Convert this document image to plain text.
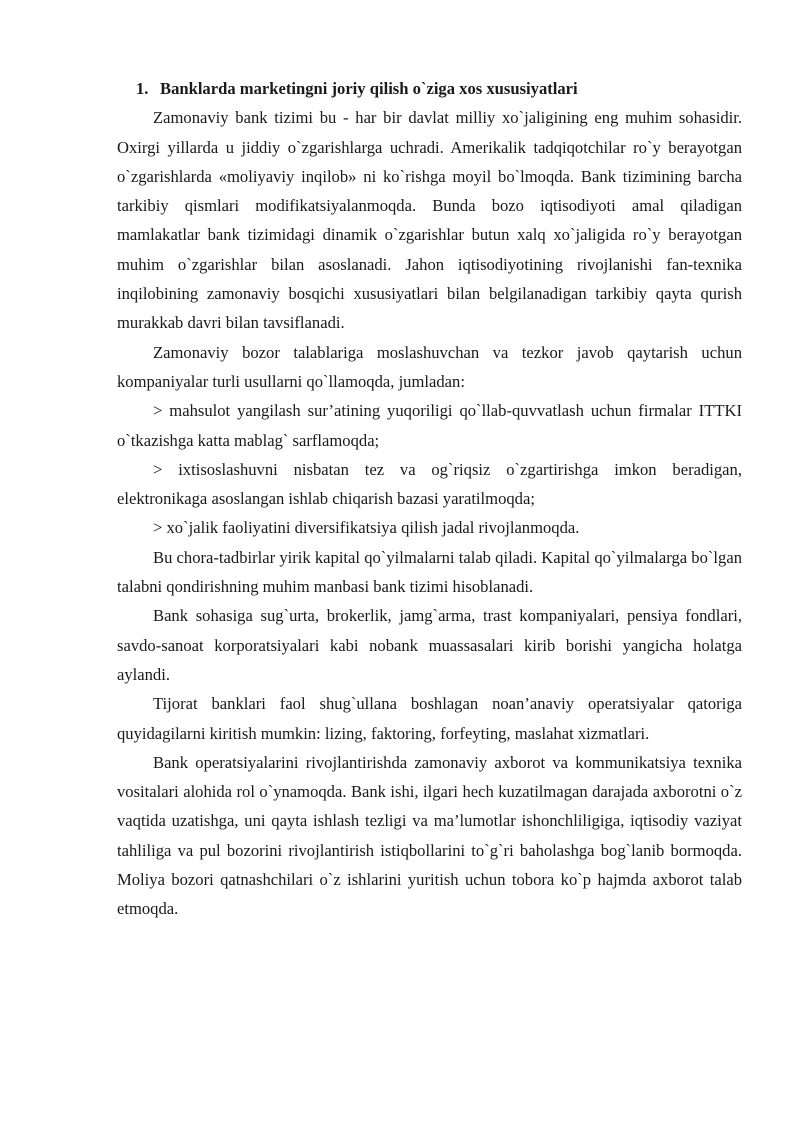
1. Banklarda marketingni joriy qilish o`ziga xos xususiyatlari

Zamonaviy bank tizimi bu - har bir davlat milliy xo`jaligining eng muhim sohasidir. Oxirgi yillarda u jiddiy o`zgarishlarga uchradi. Amerikalik tadqiqotchilar ro`y berayotgan o`zgarishlarda «moliyaviy inqilob» ni ko`rishga moyil bo`lmoqda. Bank tizimining barcha tarkibiy qismlari modifikatsiyalanmoqda. Bunda bozo iqtisodiyoti amal qiladigan mamlakatlar bank tizimidagi dinamik o`zgarishlar butun xalq xo`jaligida ro`y berayotgan muhim o`zgarishlar bilan asoslanadi. Jahon iqtisodiyotining rivojlanishi fan-texnika inqilobining zamonaviy bosqichi xususiyatlari bilan belgilanadigan tarkibiy qayta qurish murakkab davri bilan tavsiflanadi.

Zamonaviy bozor talablariga moslashuvchan va tezkor javob qaytarish uchun kompaniyalar turli usullarni qo`llamoqda, jumladan:

> mahsulot yangilash sur’atining yuqoriligi qo`llab-quvvatlash uchun firmalar ITTKI o`tkazishga katta mablag` sarflamoqda;

> ixtisoslashuvni nisbatan tez va og`riqsiz o`zgartirishga imkon beradigan, elektronikaga asoslangan ishlab chiqarish bazasi yaratilmoqda;

> xo`jalik faoliyatini diversifikatsiya qilish jadal rivojlanmoqda.

Bu chora-tadbirlar yirik kapital qo`yilmalarni talab qiladi. Kapital qo`yilmalarga bo`lgan talabni qondirishning muhim manbasi bank tizimi hisoblanadi.

Bank sohasiga sug`urta, brokerlik, jamg`arma, trast kompaniyalari, pensiya fondlari, savdo-sanoat korporatsiyalari kabi nobank muassasalari kirib borishi yangicha holatga aylandi.

Tijorat banklari faol shug`ullana boshlagan noan’anaviy operatsiyalar qatoriga quyidagilarni kiritish mumkin: lizing, faktoring, forfeyting, maslahat xizmatlari.

Bank operatsiyalarini rivojlantirishda zamonaviy axborot va kommunikatsiya texnika vositalari alohida rol o`ynamoqda. Bank ishi, ilgari hech kuzatilmagan darajada axborotni o`z vaqtida uzatishga, uni qayta ishlash tezligi va ma’lumotlar ishonchliligiga, iqtisodiy vaziyat tahliliga va pul bozorini rivojlantirish istiqbollarini to`g`ri baholashga bog`lanib bormoqda. Moliya bozori qatnashchilari o`z ishlarini yuritish uchun tobora ko`p hajmda axborot talab etmoqda.
